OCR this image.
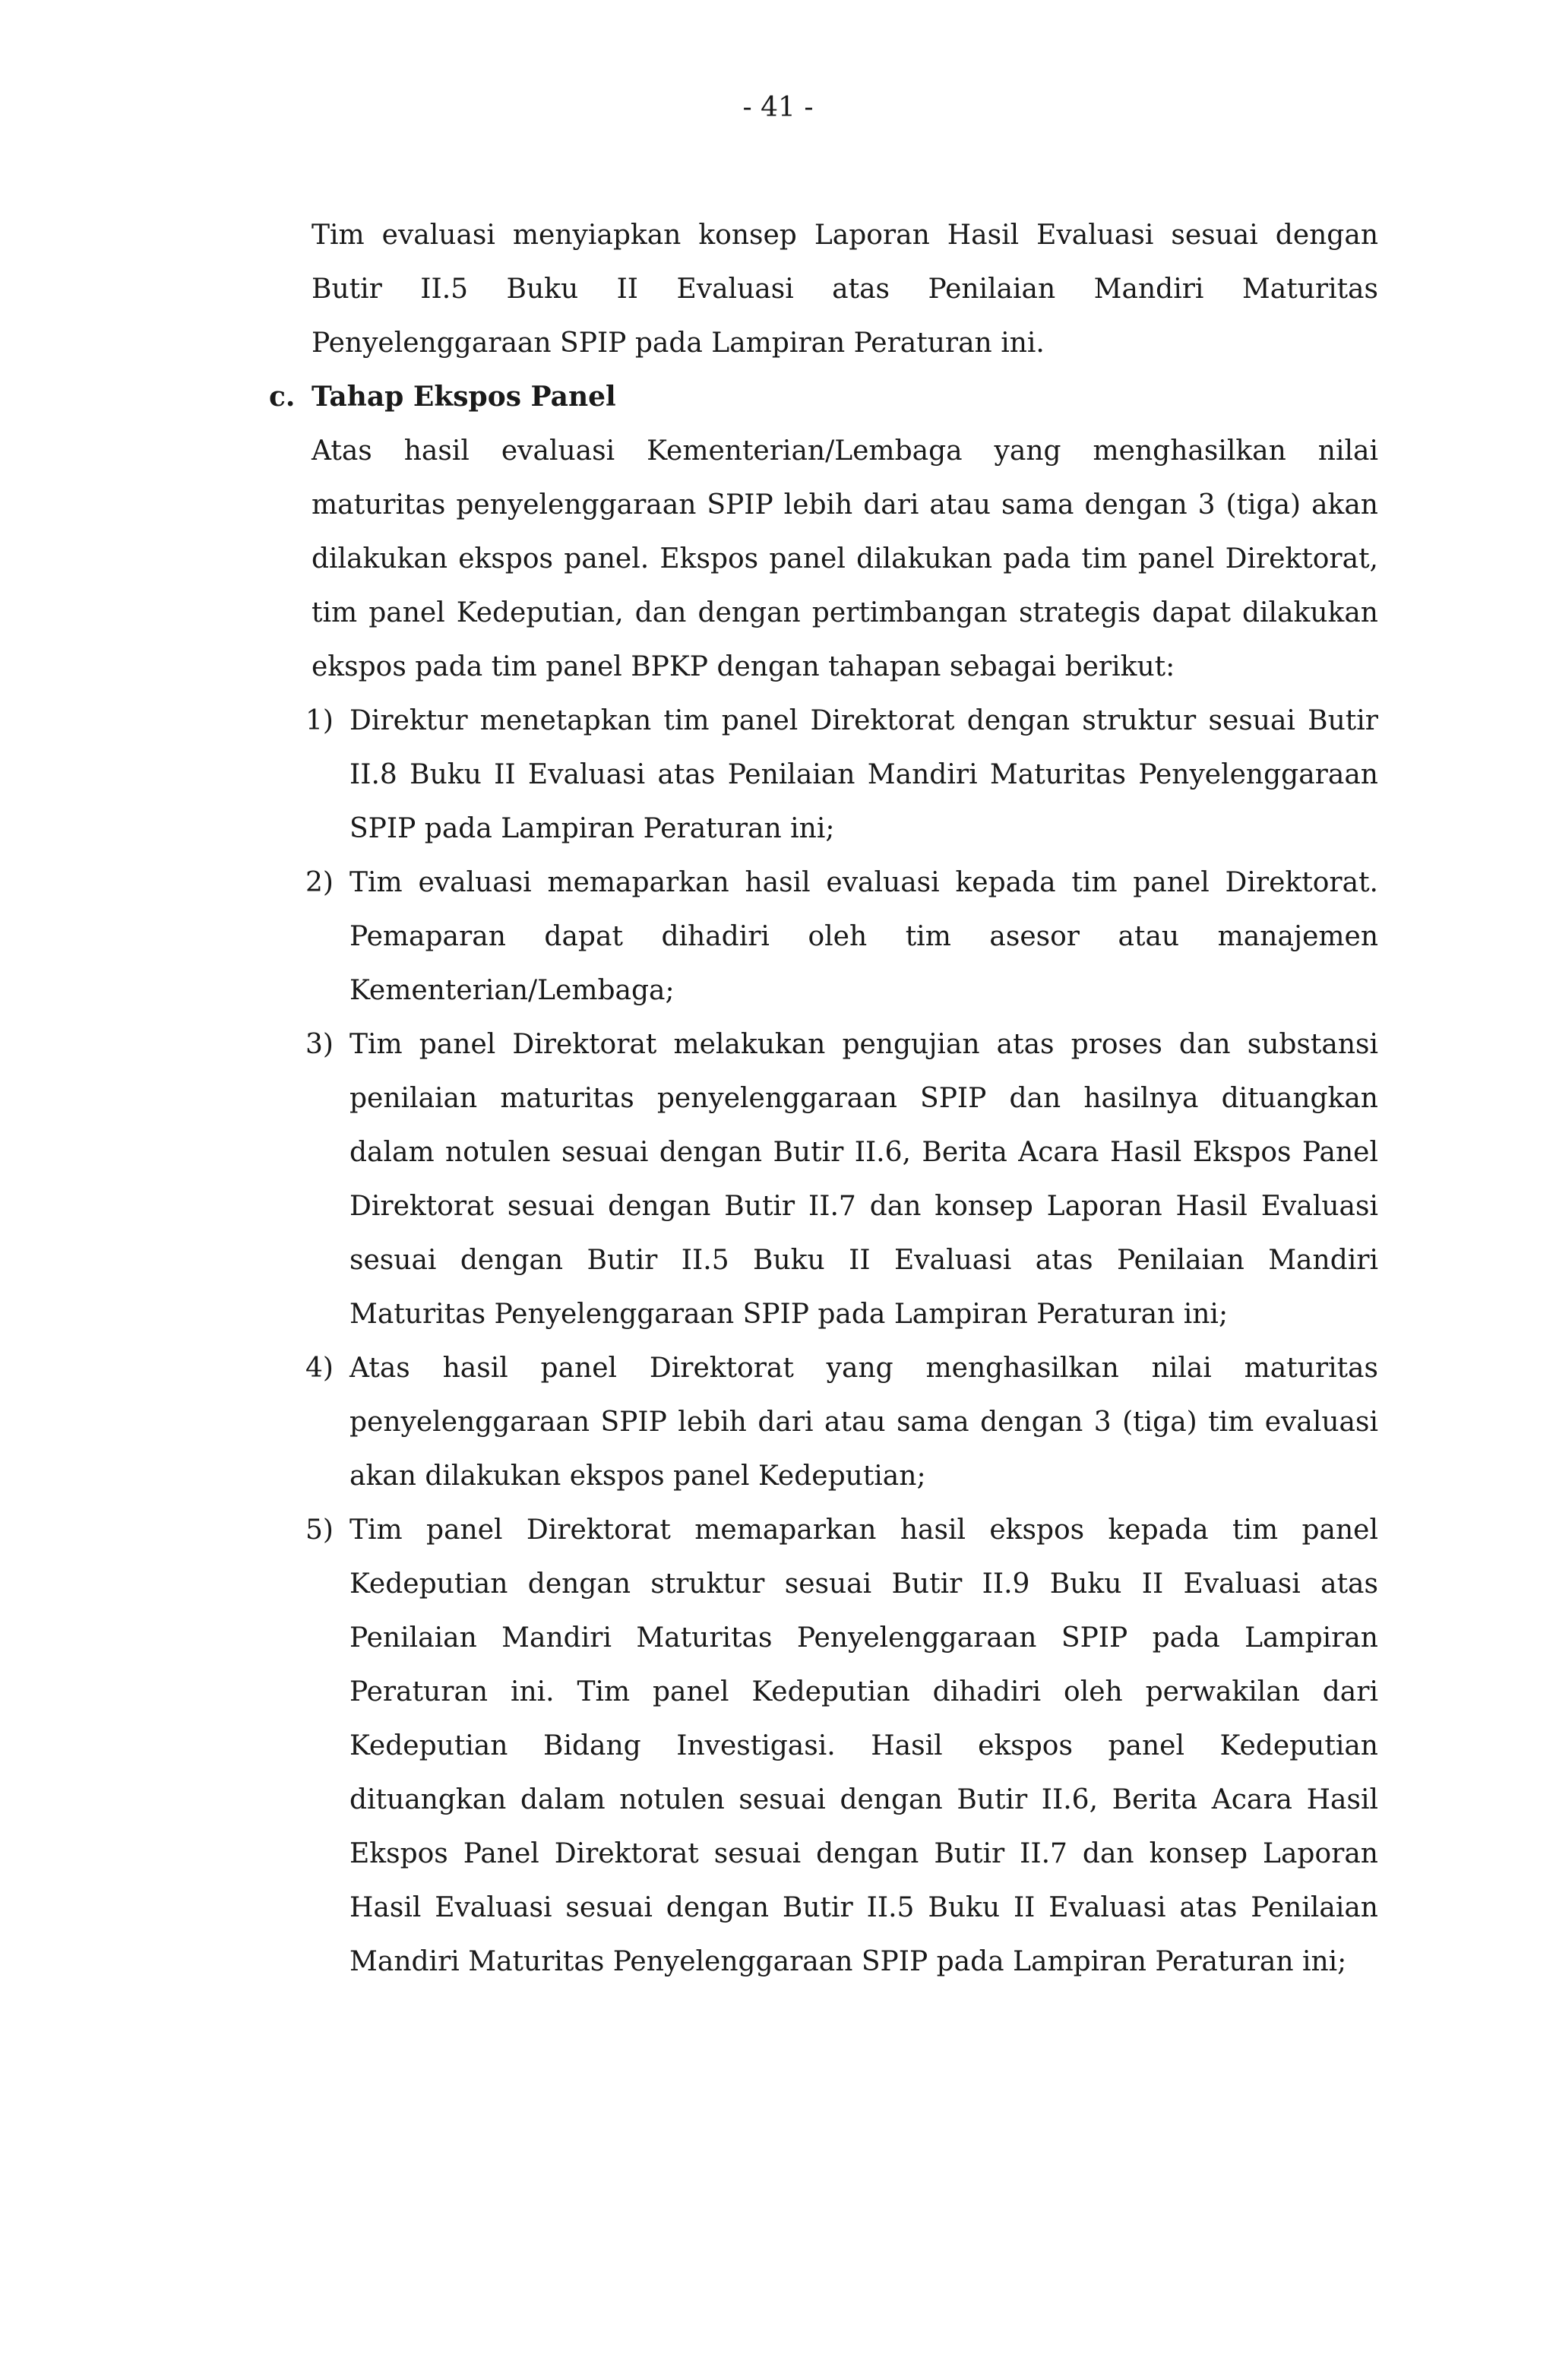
- 41 -

Tim evaluasi menyiapkan konsep Laporan Hasil Evaluasi sesuai dengan Butir II.5 Buku II Evaluasi atas Penilaian Mandiri Maturitas Penyelenggaraan SPIP pada Lampiran Peraturan ini.

c. Tahap Ekspos Panel

Atas hasil evaluasi Kementerian/Lembaga yang menghasilkan nilai maturitas penyelenggaraan SPIP lebih dari atau sama dengan 3 (tiga) akan dilakukan ekspos panel. Ekspos panel dilakukan pada tim panel Direktorat, tim panel Kedeputian, dan dengan pertimbangan strategis dapat dilakukan ekspos pada tim panel BPKP dengan tahapan sebagai berikut:

1) Direktur menetapkan tim panel Direktorat dengan struktur sesuai Butir II.8 Buku II Evaluasi atas Penilaian Mandiri Maturitas Penyelenggaraan SPIP pada Lampiran Peraturan ini;
2) Tim evaluasi memaparkan hasil evaluasi kepada tim panel Direktorat. Pemaparan dapat dihadiri oleh tim asesor atau manajemen Kementerian/Lembaga;
3) Tim panel Direktorat melakukan pengujian atas proses dan substansi penilaian maturitas penyelenggaraan SPIP dan hasilnya dituangkan dalam notulen sesuai dengan Butir II.6, Berita Acara Hasil Ekspos Panel Direktorat sesuai dengan Butir II.7 dan konsep Laporan Hasil Evaluasi sesuai dengan Butir II.5 Buku II Evaluasi atas Penilaian Mandiri Maturitas Penyelenggaraan SPIP pada Lampiran Peraturan ini;
4) Atas hasil panel Direktorat yang menghasilkan nilai maturitas penyelenggaraan SPIP lebih dari atau sama dengan 3 (tiga) tim evaluasi akan dilakukan ekspos panel Kedeputian;
5) Tim panel Direktorat memaparkan hasil ekspos kepada tim panel Kedeputian dengan struktur sesuai Butir II.9 Buku II Evaluasi atas Penilaian Mandiri Maturitas Penyelenggaraan SPIP pada Lampiran Peraturan ini. Tim panel Kedeputian dihadiri oleh perwakilan dari Kedeputian Bidang Investigasi. Hasil ekspos panel Kedeputian dituangkan dalam notulen sesuai dengan Butir II.6, Berita Acara Hasil Ekspos Panel Direktorat sesuai dengan Butir II.7 dan konsep Laporan Hasil Evaluasi sesuai dengan Butir II.5 Buku II Evaluasi atas Penilaian Mandiri Maturitas Penyelenggaraan SPIP pada Lampiran Peraturan ini;
